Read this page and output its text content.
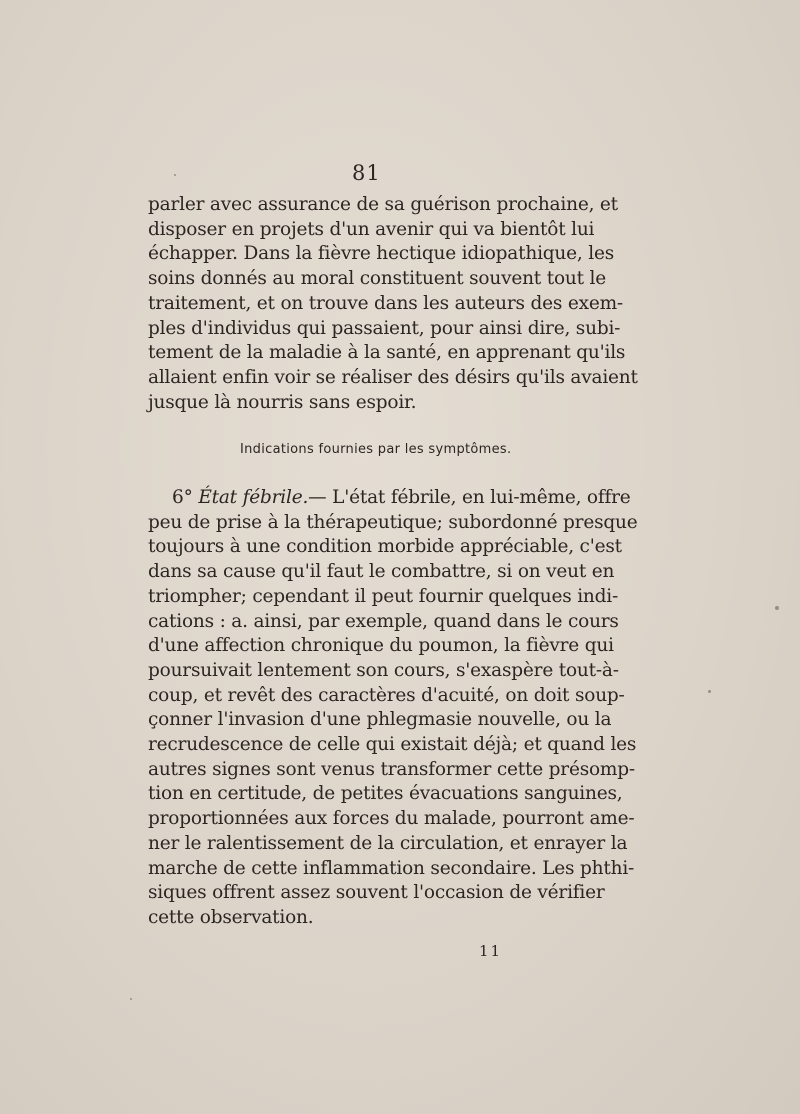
81
parler avec assurance de sa guérison prochaine, et
disposer en projets d'un avenir qui va bientôt lui
échapper. Dans la fièvre hectique idiopathique, les
soins donnés au moral constituent souvent tout le
traitement, et on trouve dans les auteurs des exem-
ples d'individus qui passaient, pour ainsi dire, subi-
tement de la maladie à la santé, en apprenant qu'ils
allaient enfin voir se réaliser des désirs qu'ils avaient
jusque là nourris sans espoir.
Indications fournies par les symptômes.
6° État fébrile.— L'état fébrile, en lui-même, offre
peu de prise à la thérapeutique; subordonné presque
toujours à une condition morbide appréciable, c'est
dans sa cause qu'il faut le combattre, si on veut en
triompher; cependant il peut fournir quelques indi-
cations : a. ainsi, par exemple, quand dans le cours
d'une affection chronique du poumon, la fièvre qui
poursuivait lentement son cours, s'exaspère tout-à-
coup, et revêt des caractères d'acuité, on doit soup-
çonner l'invasion d'une phlegmasie nouvelle, ou la
recrudescence de celle qui existait déjà; et quand les
autres signes sont venus transformer cette présomp-
tion en certitude, de petites évacuations sanguines,
proportionnées aux forces du malade, pourront ame-
ner le ralentissement de la circulation, et enrayer la
marche de cette inflammation secondaire. Les phthi-
siques offrent assez souvent l'occasion de vérifier
cette observation.
11
